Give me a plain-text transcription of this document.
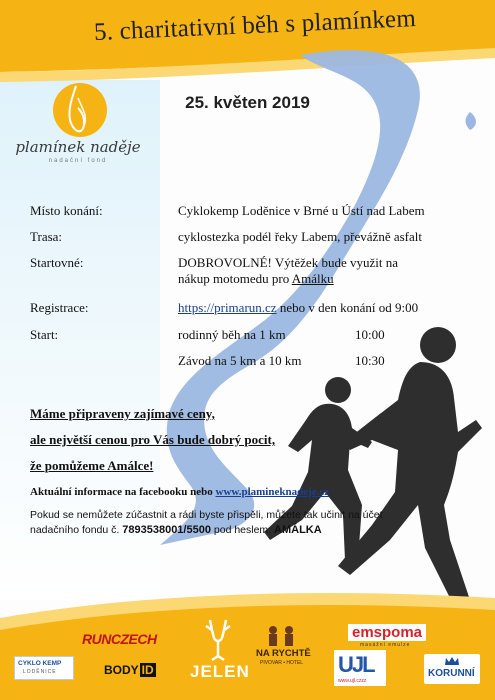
5. charitativní běh s plamínkem
plamínek naděje
nadační fond
25. květen 2019
Místo konání:	Cyklokemp Loděnice v Brné u Ústí nad Labem
Trasa:	cyklostezka podél řeky Labem, převážně asfalt
Startovné:	DOBROVOLNÉ! Výtěžek bude využit na
nákup motomedu pro Amálku
Registrace:	https://primarun.cz nebo v den konání od 9:00
Start:	rodinný běh na 1 km	10:00
Závod na 5 km a 10 km	10:30
Máme připraveny zajímavé ceny,
ale největší cenou pro Vás bude dobrý pocit,
že pomůžeme Amálce!
Aktuální informace na facebooku nebo www.plamineknadeje.cz
Pokud se nemůžete zúčastnit a rádi byste přispěli, můžete tak učinit na účet
nadačního fondu č. 7893538001/5500 pod heslem: AMÁLKA
RUNCZECH	emspoma
masážní emulze
CYKLO KEMP
LODĚNICE	BODY ID JELEN
NA RYCHTĚ
PIVOVAR • HOTEL UJL
www.ujl.czzz
KORUNNÍ
